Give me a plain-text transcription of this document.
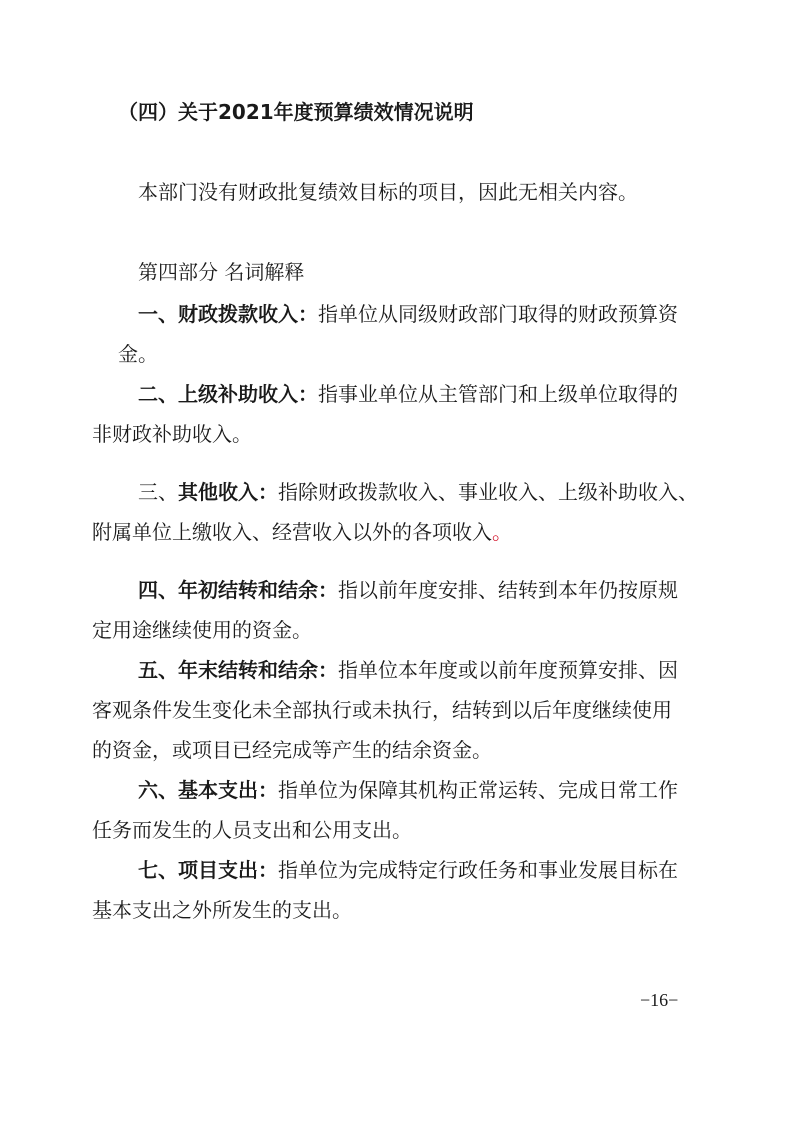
（四）关于2021年度预算绩效情况说明
本部门没有财政批复绩效目标的项目，因此无相关内容。
第四部分 名词解释
一、财政拨款收入：指单位从同级财政部门取得的财政预算资
金。
二、上级补助收入：指事业单位从主管部门和上级单位取得的
非财政补助收入。
三、其他收入：指除财政拨款收入、事业收入、上级补助收入、
附属单位上缴收入、经营收入以外的各项收入。
四、年初结转和结余：指以前年度安排、结转到本年仍按原规
定用途继续使用的资金。
五、年末结转和结余：指单位本年度或以前年度预算安排、因
客观条件发生变化未全部执行或未执行，结转到以后年度继续使用
的资金，或项目已经完成等产生的结余资金。
六、基本支出：指单位为保障其机构正常运转、完成日常工作
任务而发生的人员支出和公用支出。
七、项目支出：指单位为完成特定行政任务和事业发展目标在
基本支出之外所发生的支出。
−16−
